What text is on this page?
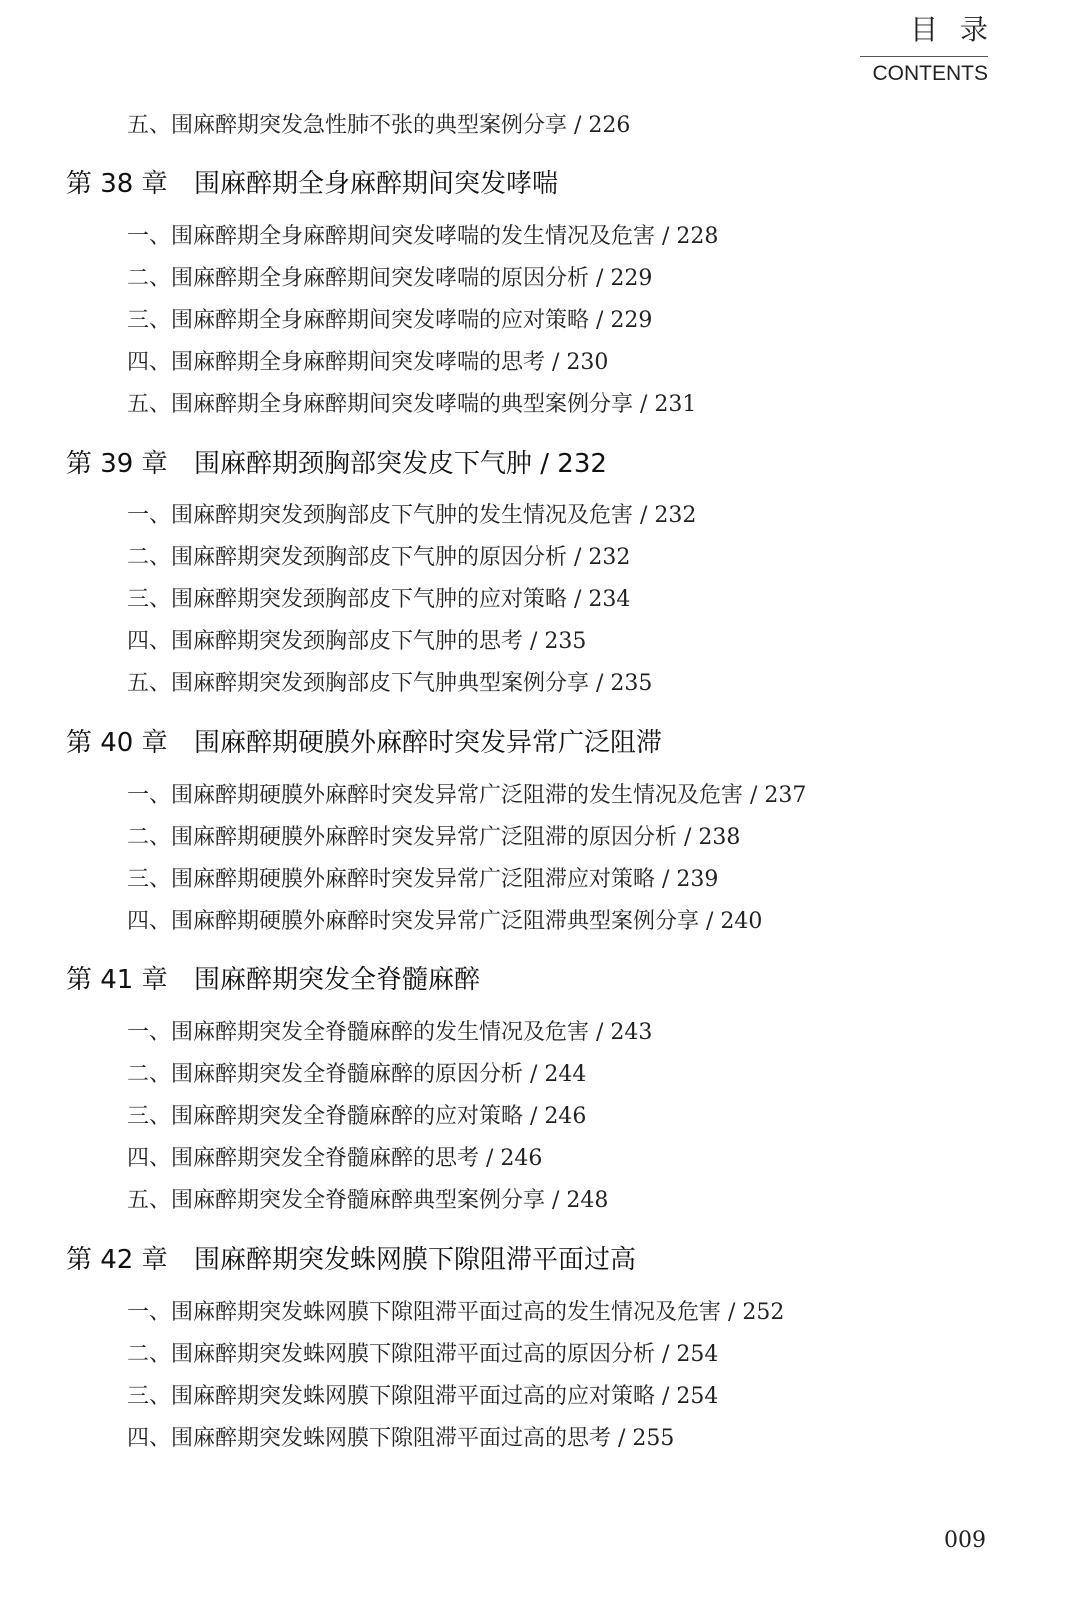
目录
CONTENTS
五、围麻醉期突发急性肺不张的典型案例分享 / 226
第 38 章 围麻醉期全身麻醉期间突发哮喘
一、围麻醉期全身麻醉期间突发哮喘的发生情况及危害 / 228
二、围麻醉期全身麻醉期间突发哮喘的原因分析 / 229
三、围麻醉期全身麻醉期间突发哮喘的应对策略 / 229
四、围麻醉期全身麻醉期间突发哮喘的思考 / 230
五、围麻醉期全身麻醉期间突发哮喘的典型案例分享 / 231
第 39 章 围麻醉期颈胸部突发皮下气肿 / 232
一、围麻醉期突发颈胸部皮下气肿的发生情况及危害 / 232
二、围麻醉期突发颈胸部皮下气肿的原因分析 / 232
三、围麻醉期突发颈胸部皮下气肿的应对策略 / 234
四、围麻醉期突发颈胸部皮下气肿的思考 / 235
五、围麻醉期突发颈胸部皮下气肿典型案例分享 / 235
第 40 章 围麻醉期硬膜外麻醉时突发异常广泛阻滞
一、围麻醉期硬膜外麻醉时突发异常广泛阻滞的发生情况及危害 / 237
二、围麻醉期硬膜外麻醉时突发异常广泛阻滞的原因分析 / 238
三、围麻醉期硬膜外麻醉时突发异常广泛阻滞应对策略 / 239
四、围麻醉期硬膜外麻醉时突发异常广泛阻滞典型案例分享 / 240
第 41 章 围麻醉期突发全脊髓麻醉
一、围麻醉期突发全脊髓麻醉的发生情况及危害 / 243
二、围麻醉期突发全脊髓麻醉的原因分析 / 244
三、围麻醉期突发全脊髓麻醉的应对策略 / 246
四、围麻醉期突发全脊髓麻醉的思考 / 246
五、围麻醉期突发全脊髓麻醉典型案例分享 / 248
第 42 章 围麻醉期突发蛛网膜下隙阻滞平面过高
一、围麻醉期突发蛛网膜下隙阻滞平面过高的发生情况及危害 / 252
二、围麻醉期突发蛛网膜下隙阻滞平面过高的原因分析 / 254
三、围麻醉期突发蛛网膜下隙阻滞平面过高的应对策略 / 254
四、围麻醉期突发蛛网膜下隙阻滞平面过高的思考 / 255
009
